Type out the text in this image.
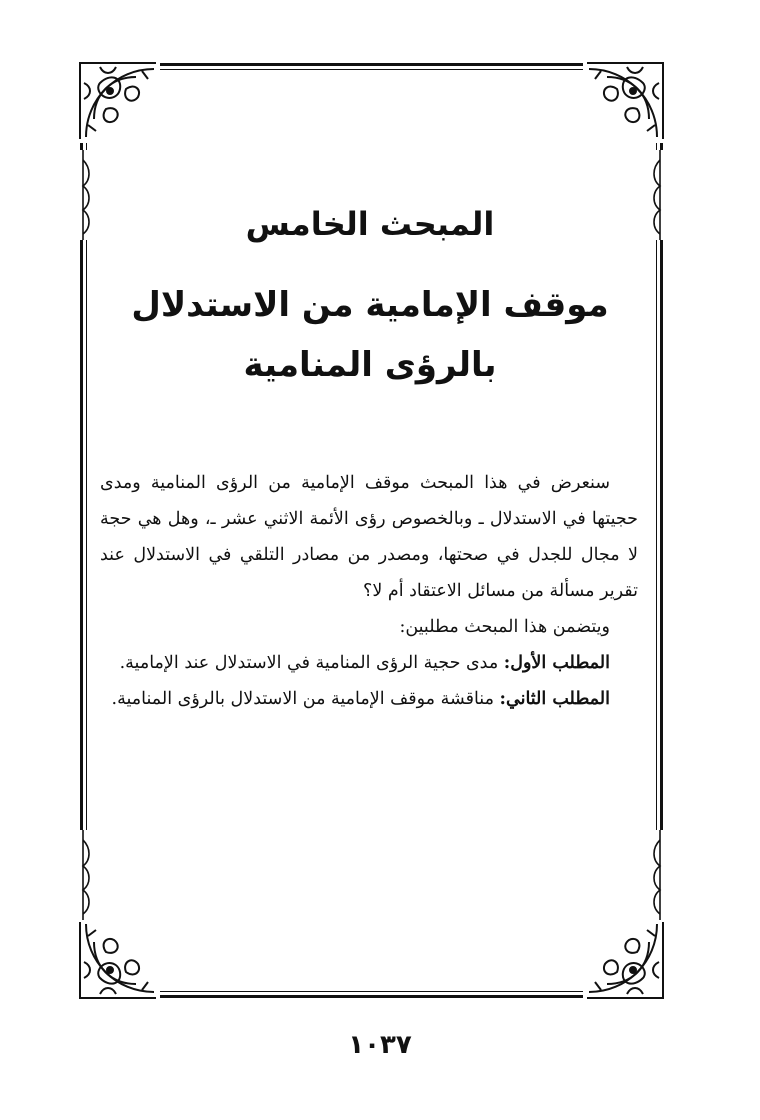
المبحث الخامس
موقف الإمامية من الاستدلال
بالرؤى المنامية

سنعرض في هذا المبحث موقف الإمامية من الرؤى المنامية ومدى حجيتها في الاستدلال ـ وبالخصوص رؤى الأئمة الاثني عشر ـ، وهل هي حجة لا مجال للجدل في صحتها، ومصدر من مصادر التلقي في الاستدلال عند تقرير مسألة من مسائل الاعتقاد أم لا؟

ويتضمن هذا المبحث مطلبين:

المطلب الأول: مدى حجية الرؤى المنامية في الاستدلال عند الإمامية.

المطلب الثاني: مناقشة موقف الإمامية من الاستدلال بالرؤى المنامية.

١٠٣٧
